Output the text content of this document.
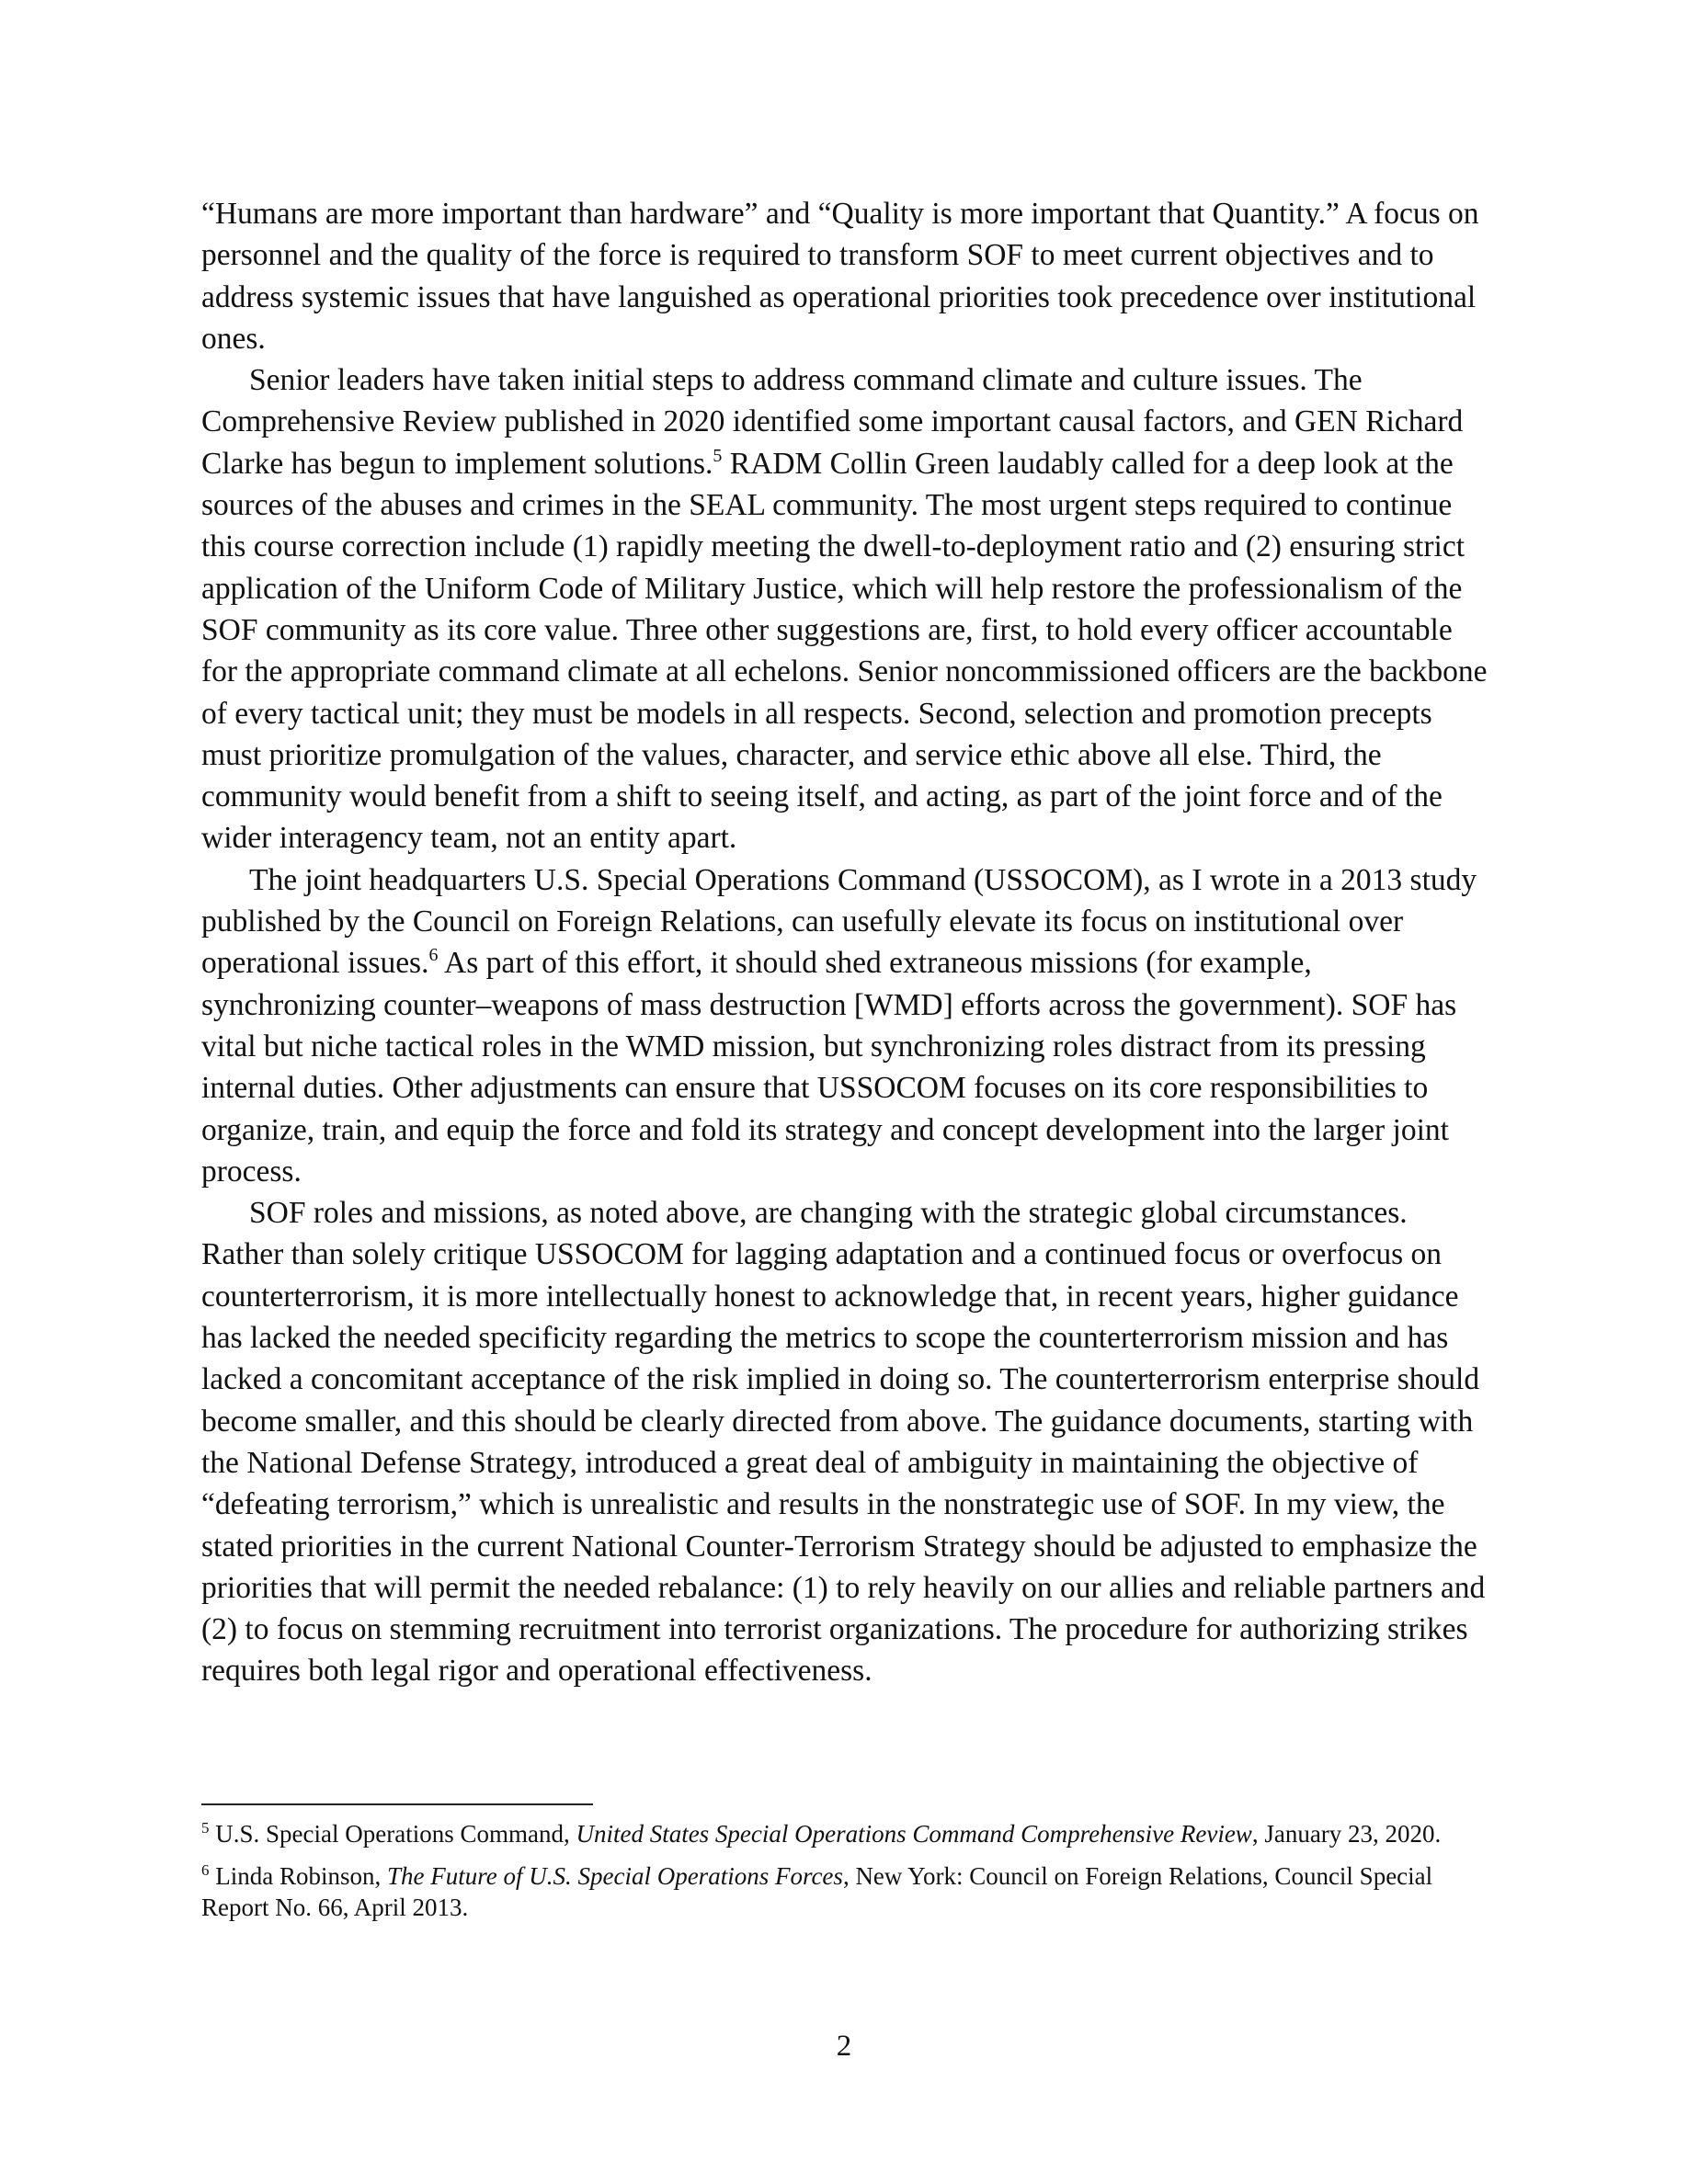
“Humans are more important than hardware” and “Quality is more important that Quantity.” A focus on personnel and the quality of the force is required to transform SOF to meet current objectives and to address systemic issues that have languished as operational priorities took precedence over institutional ones.

Senior leaders have taken initial steps to address command climate and culture issues. The Comprehensive Review published in 2020 identified some important causal factors, and GEN Richard Clarke has begun to implement solutions.$^5$ RADM Collin Green laudably called for a deep look at the sources of the abuses and crimes in the SEAL community. The most urgent steps required to continue this course correction include (1) rapidly meeting the dwell-to-deployment ratio and (2) ensuring strict application of the Uniform Code of Military Justice, which will help restore the professionalism of the SOF community as its core value. Three other suggestions are, first, to hold every officer accountable for the appropriate command climate at all echelons. Senior noncommissioned officers are the backbone of every tactical unit; they must be models in all respects. Second, selection and promotion precepts must prioritize promulgation of the values, character, and service ethic above all else. Third, the community would benefit from a shift to seeing itself, and acting, as part of the joint force and of the wider interagency team, not an entity apart.

The joint headquarters U.S. Special Operations Command (USSOCOM), as I wrote in a 2013 study published by the Council on Foreign Relations, can usefully elevate its focus on institutional over operational issues.$^6$ As part of this effort, it should shed extraneous missions (for example, synchronizing counter–weapons of mass destruction [WMD] efforts across the government). SOF has vital but niche tactical roles in the WMD mission, but synchronizing roles distract from its pressing internal duties. Other adjustments can ensure that USSOCOM focuses on its core responsibilities to organize, train, and equip the force and fold its strategy and concept development into the larger joint process.

SOF roles and missions, as noted above, are changing with the strategic global circumstances. Rather than solely critique USSOCOM for lagging adaptation and a continued focus or overfocus on counterterrorism, it is more intellectually honest to acknowledge that, in recent years, higher guidance has lacked the needed specificity regarding the metrics to scope the counterterrorism mission and has lacked a concomitant acceptance of the risk implied in doing so. The counterterrorism enterprise should become smaller, and this should be clearly directed from above. The guidance documents, starting with the National Defense Strategy, introduced a great deal of ambiguity in maintaining the objective of “defeating terrorism,” which is unrealistic and results in the nonstrategic use of SOF. In my view, the stated priorities in the current National Counter-Terrorism Strategy should be adjusted to emphasize the priorities that will permit the needed rebalance: (1) to rely heavily on our allies and reliable partners and (2) to focus on stemming recruitment into terrorist organizations. The procedure for authorizing strikes requires both legal rigor and operational effectiveness.

$^5$ U.S. Special Operations Command, United States Special Operations Command Comprehensive Review, January 23, 2020.

$^6$ Linda Robinson, The Future of U.S. Special Operations Forces, New York: Council on Foreign Relations, Council Special Report No. 66, April 2013.

2
